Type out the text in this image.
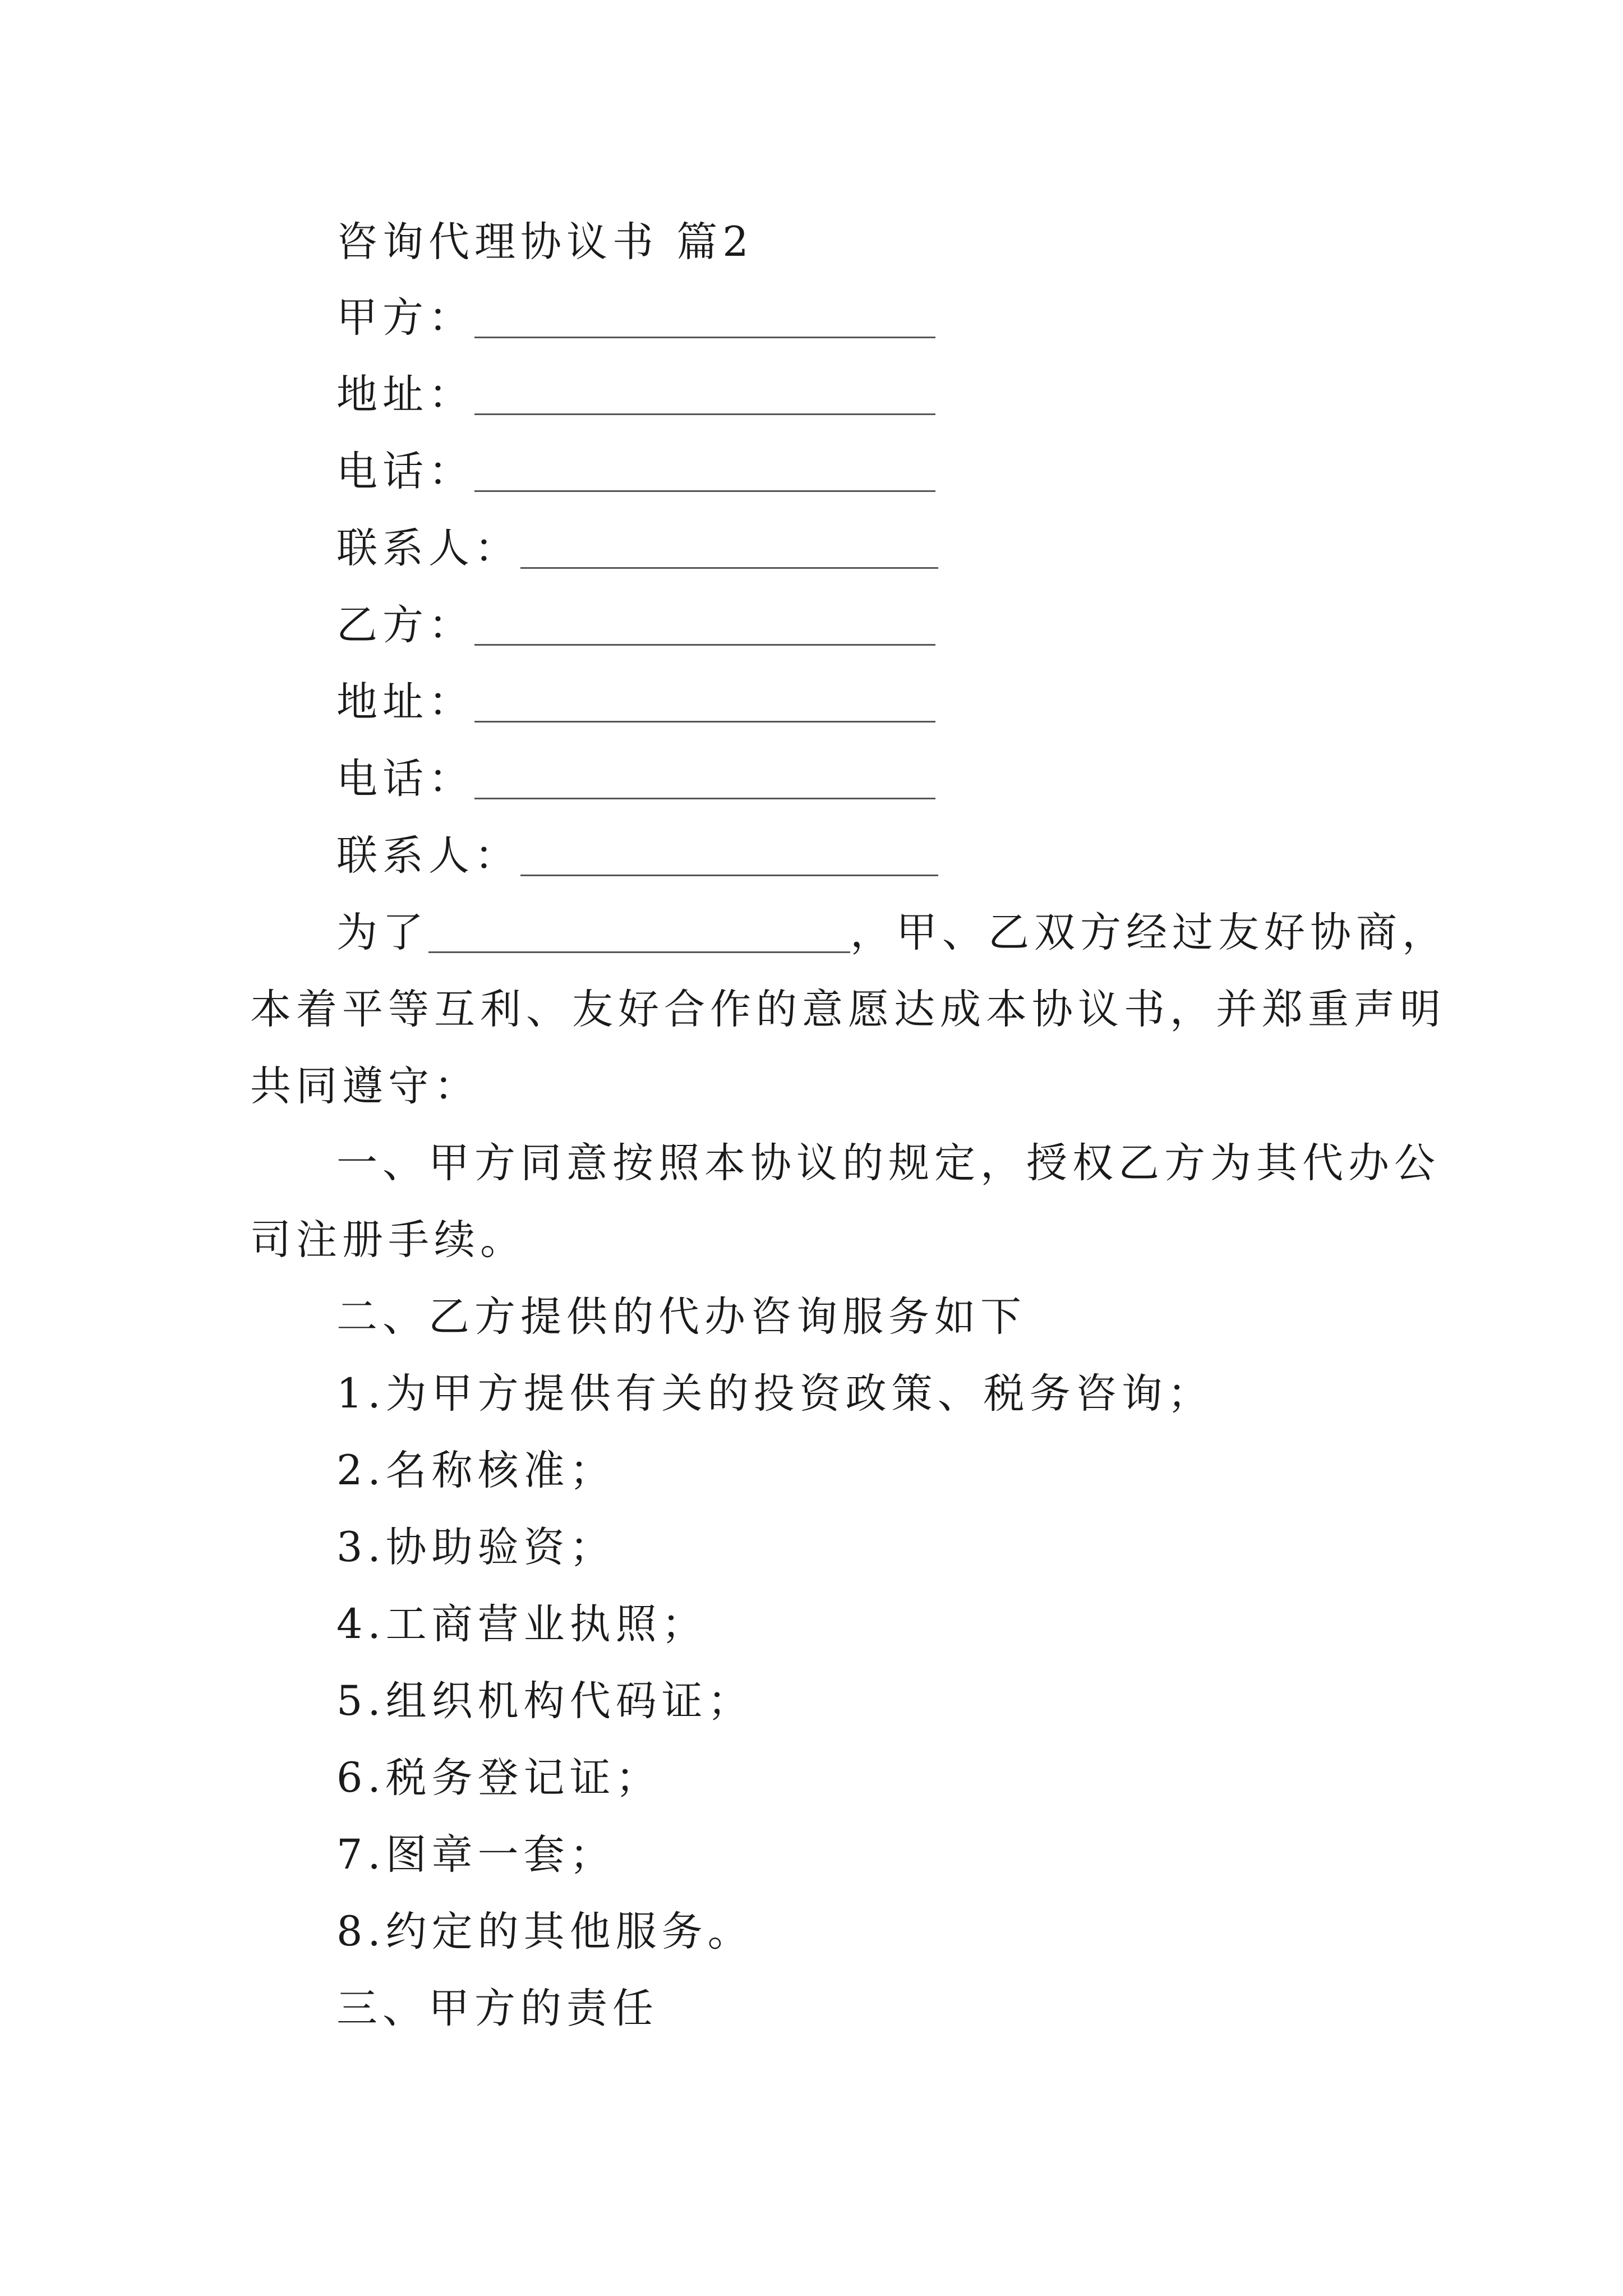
咨询代理协议书 篇2
甲方：
地址：
电话：
联系人：
乙方：
地址：
电话：
联系人：
为了	，甲、乙双方经过友好协商，
本着平等互利、友好合作的意愿达成本协议书，并郑重声明
共同遵守：
一、甲方同意按照本协议的规定，授权乙方为其代办公
司注册手续。
二、乙方提供的代办咨询服务如下
1.为甲方提供有关的投资政策、税务咨询；
2.名称核准；
3.协助验资；
4.工商营业执照；
5.组织机构代码证；
6.税务登记证；
7.图章一套；
8.约定的其他服务。
三、甲方的责任
